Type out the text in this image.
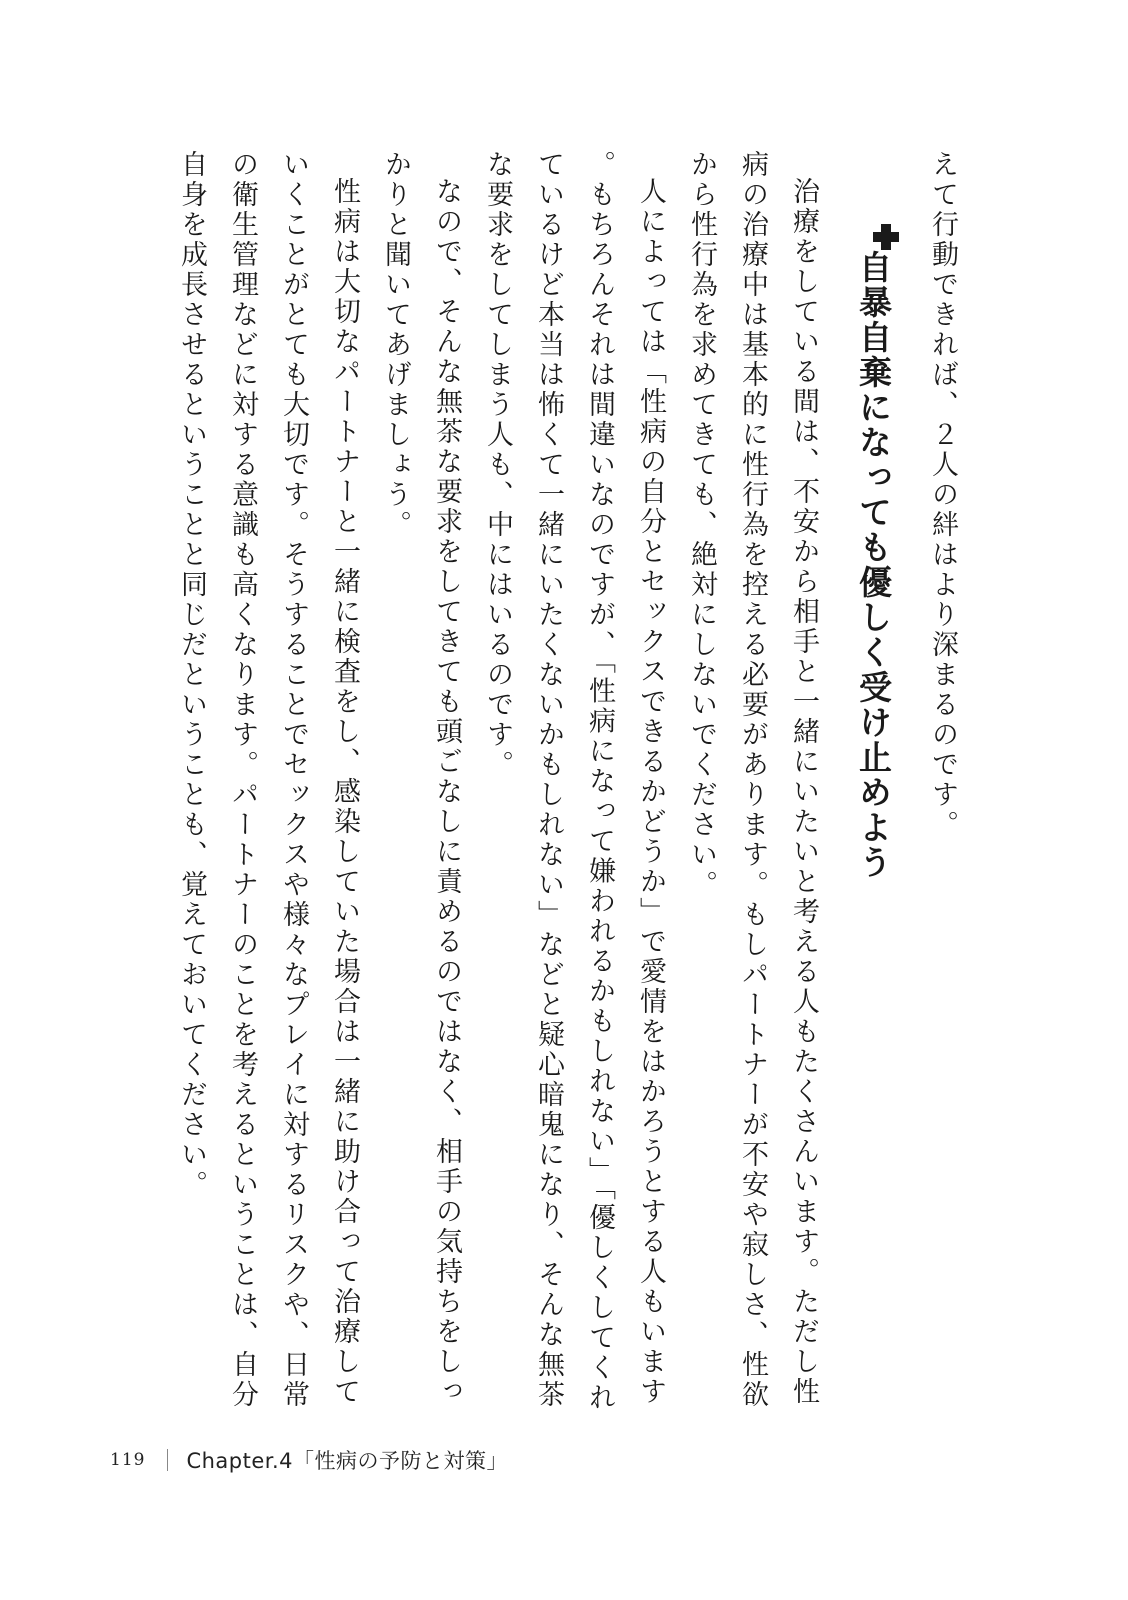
えて行動できれば、２人の絆はより深まるのです。

自暴自棄になっても優しく受け止めよう

治療をしている間は、不安から相手と一緒にいたいと考える人もたくさんいます。ただし性病の治療中は基本的に性行為を控える必要があります。もしパートナーが不安や寂しさ、性欲から性行為を求めてきても、絶対にしないでください。

人によっては「性病の自分とセックスできるかどうか」で愛情をはかろうとする人もいます。もちろんそれは間違いなのですが、「性病になって嫌われるかもしれない」「優しくしてくれているけど本当は怖くて一緒にいたくないかもしれない」などと疑心暗鬼になり、そんな無茶な要求をしてしまう人も、中にはいるのです。

なので、そんな無茶な要求をしてきても頭ごなしに責めるのではなく、相手の気持ちをしっかりと聞いてあげましょう。

性病は大切なパートナーと一緒に検査をし、感染していた場合は一緒に助け合って治療していくことがとても大切です。そうすることでセックスや様々なプレイに対するリスクや、日常の衛生管理などに対する意識も高くなります。パートナーのことを考えるということは、自分自身を成長させるということと同じだということも、覚えておいてください。

119 Chapter.4「性病の予防と対策」
